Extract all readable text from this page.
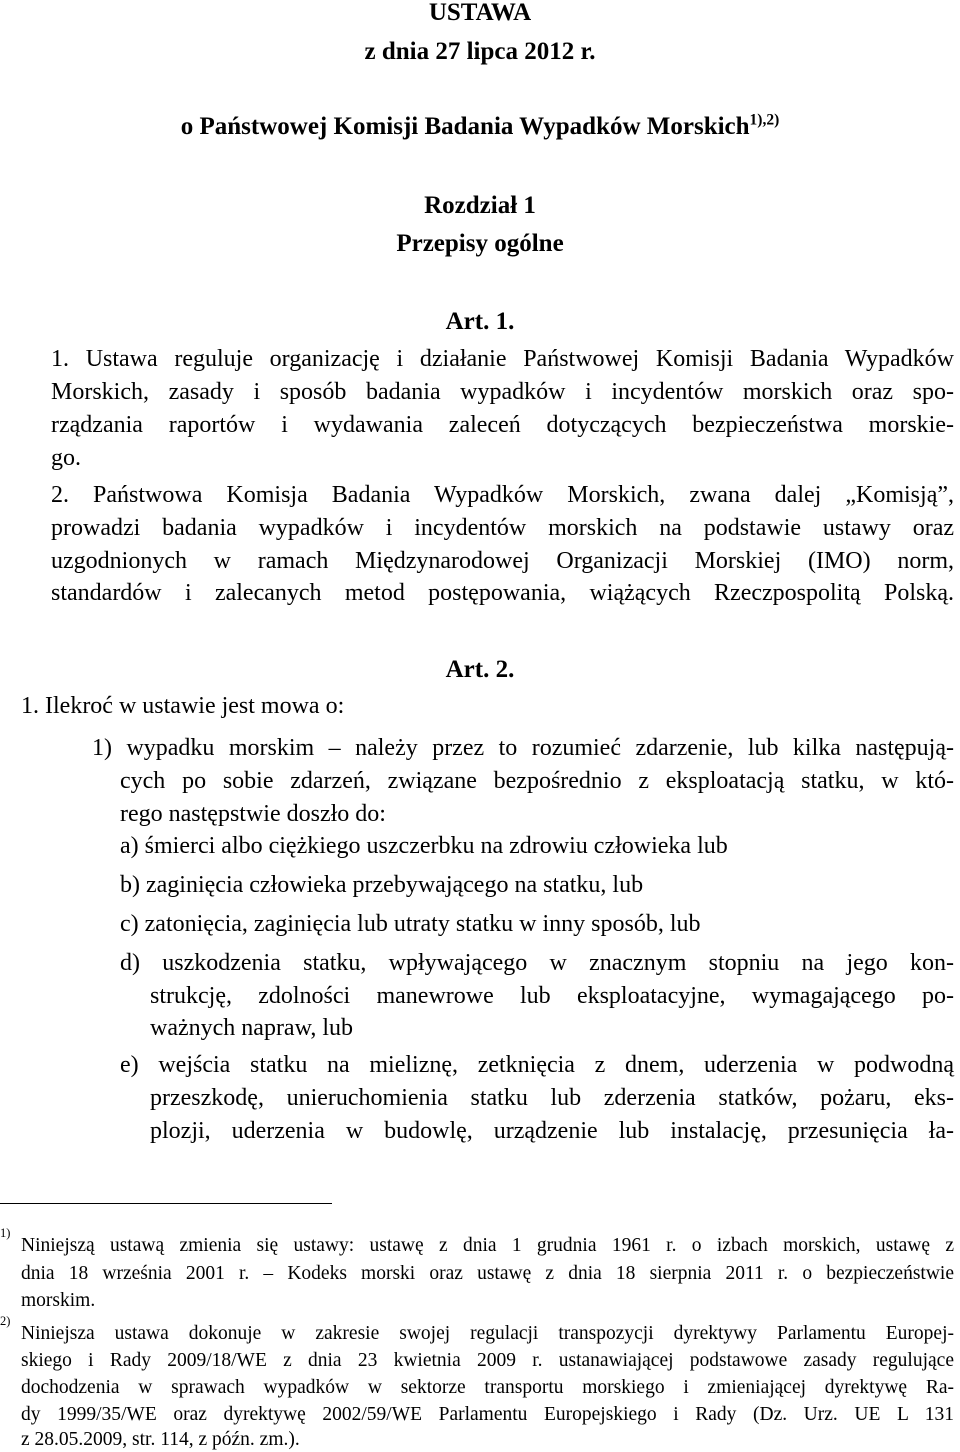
USTAWA
z dnia 27 lipca 2012 r.
o Państwowej Komisji Badania Wypadków Morskich$^{1),2)}$
Rozdział 1
Przepisy ogólne
Art. 1.
1. Ustawa reguluje organizację i działanie Państwowej Komisji Badania Wypadków
Morskich, zasady i sposób badania wypadków i incydentów morskich oraz spo-
rządzania raportów i wydawania zaleceń dotyczących bezpieczeństwa morskie-
go.
2. Państwowa Komisja Badania Wypadków Morskich, zwana dalej „Komisją”,
prowadzi badania wypadków i incydentów morskich na podstawie ustawy oraz
uzgodnionych w ramach Międzynarodowej Organizacji Morskiej (IMO) norm,
standardów i zalecanych metod postępowania, wiążących Rzeczpospolitą Polską.
Art. 2.
1. Ilekroć w ustawie jest mowa o:
1) wypadku morskim – należy przez to rozumieć zdarzenie, lub kilka następują-
cych po sobie zdarzeń, związane bezpośrednio z eksploatacją statku, w któ-
rego następstwie doszło do:
a) śmierci albo ciężkiego uszczerbku na zdrowiu człowieka lub
b) zaginięcia człowieka przebywającego na statku, lub
c) zatonięcia, zaginięcia lub utraty statku w inny sposób, lub
d) uszkodzenia statku, wpływającego w znacznym stopniu na jego kon-
strukcję, zdolności manewrowe lub eksploatacyjne, wymagającego po-
ważnych napraw, lub
e) wejścia statku na mieliznę, zetknięcia z dnem, uderzenia w podwodną
przeszkodę, unieruchomienia statku lub zderzenia statków, pożaru, eks-
plozji, uderzenia w budowlę, urządzenie lub instalację, przesunięcia ła-
1)
Niniejszą ustawą zmienia się ustawy: ustawę z dnia 1 grudnia 1961 r. o izbach morskich, ustawę z
dnia 18 września 2001 r. – Kodeks morski oraz ustawę z dnia 18 sierpnia 2011 r. o bezpieczeństwie
morskim.
2)
Niniejsza ustawa dokonuje w zakresie swojej regulacji transpozycji dyrektywy Parlamentu Europej-
skiego i Rady 2009/18/WE z dnia 23 kwietnia 2009 r. ustanawiającej podstawowe zasady regulujące
dochodzenia w sprawach wypadków w sektorze transportu morskiego i zmieniającej dyrektywę Ra-
dy 1999/35/WE oraz dyrektywę 2002/59/WE Parlamentu Europejskiego i Rady (Dz. Urz. UE L 131
z 28.05.2009, str. 114, z późn. zm.).
